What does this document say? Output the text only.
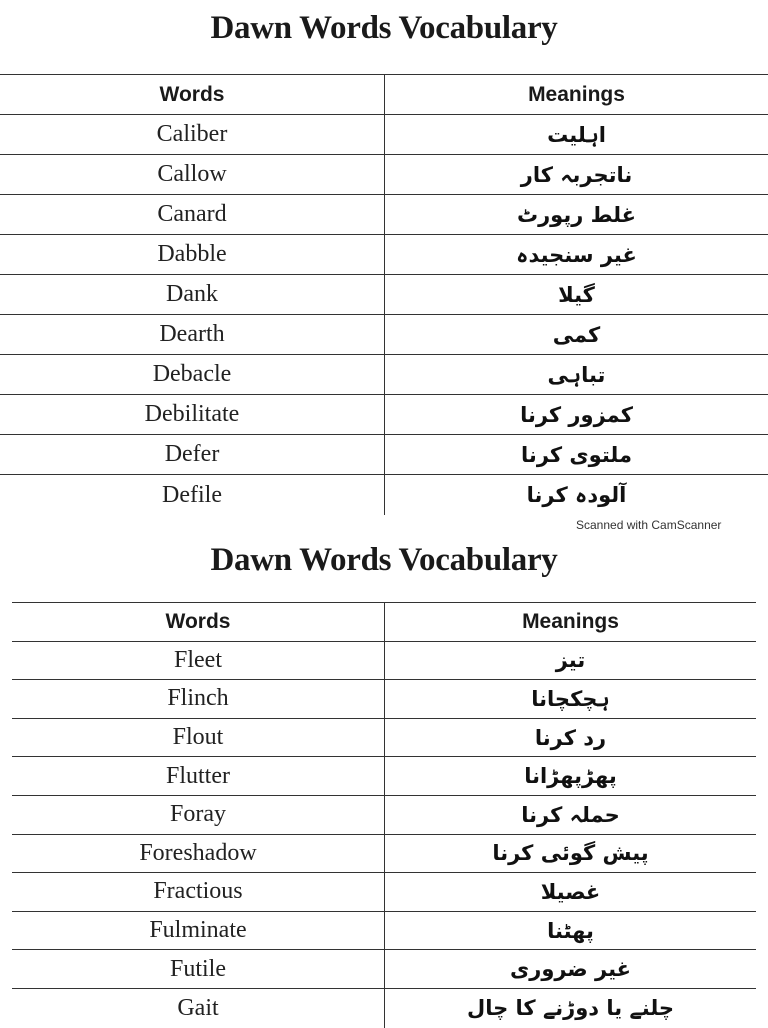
Dawn Words Vocabulary
Words	Meanings
Caliber	اہلیت
Callow	ناتجربہ کار
Canard	غلط رپورٹ
Dabble	غیر سنجیدہ
Dank	گیلا
Dearth	کمی
Debacle	تباہی
Debilitate	کمزور کرنا
Defer	ملتوی کرنا
Defile	آلودہ کرنا
Scanned with CamScanner
Dawn Words Vocabulary
Words	Meanings
Fleet	تیز
Flinch	ہچکچانا
Flout	رد کرنا
Flutter	پھڑپھڑانا
Foray	حملہ کرنا
Foreshadow	پیش گوئی کرنا
Fractious	غصیلا
Fulminate	پھٹنا
Futile	غیر ضروری
Gait	چلنے یا دوڑنے کا چال
